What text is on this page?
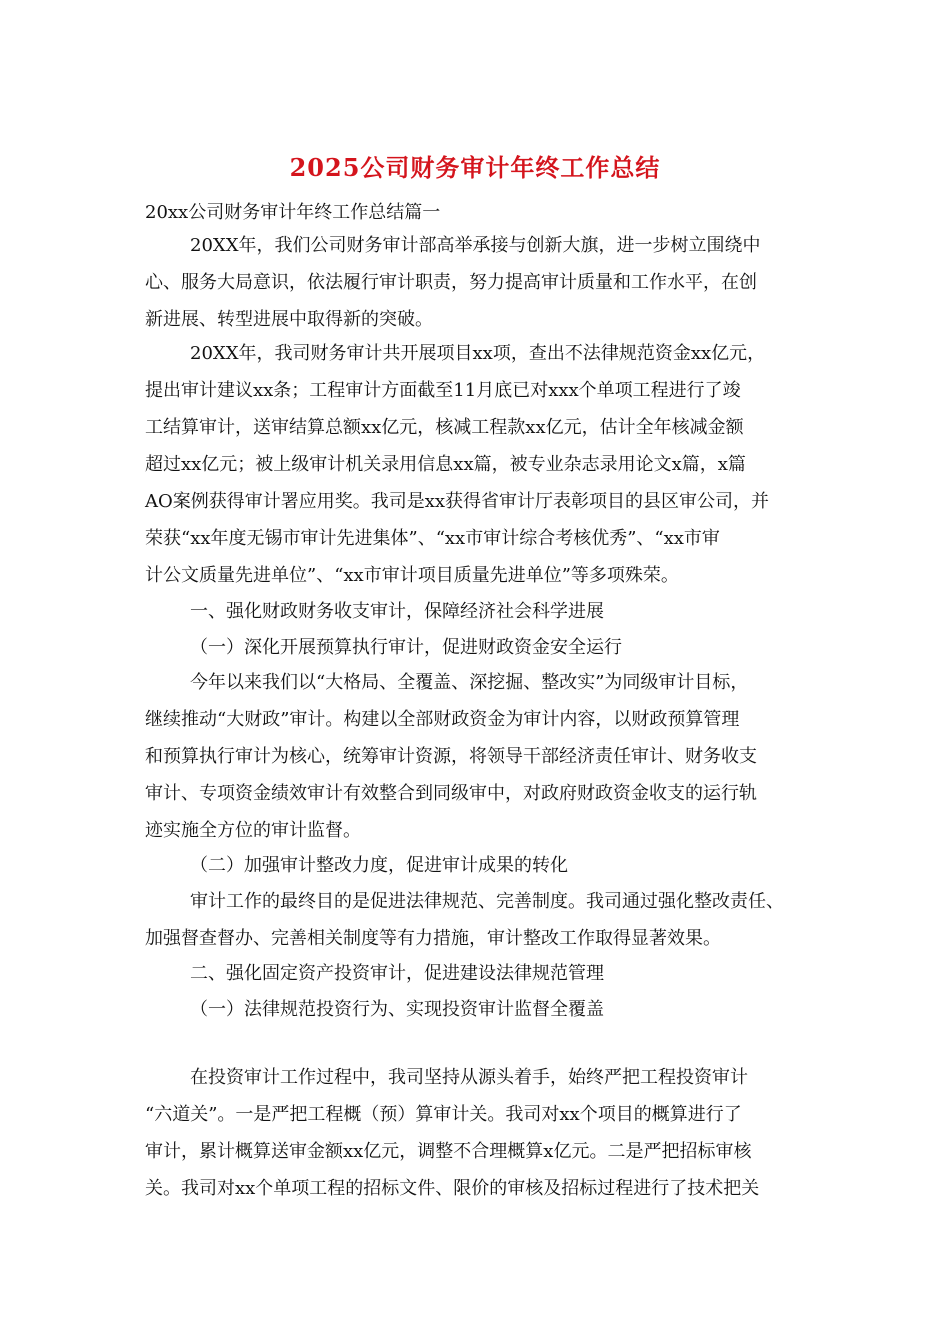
2025公司财务审计年终工作总结
20xx公司财务审计年终工作总结篇一
20XX年，我们公司财务审计部高举承接与创新大旗，进一步树立围绕中
心、服务大局意识，依法履行审计职责，努力提高审计质量和工作水平，在创
新进展、转型进展中取得新的突破。
20XX年，我司财务审计共开展项目xx项，查出不法律规范资金xx亿元，
提出审计建议xx条；工程审计方面截至11月底已对xxx个单项工程进行了竣
工结算审计，送审结算总额xx亿元，核减工程款xx亿元，估计全年核减金额
超过xx亿元；被上级审计机关录用信息xx篇，被专业杂志录用论文x篇，x篇
AO案例获得审计署应用奖。我司是xx获得省审计厅表彰项目的县区审公司，并
荣获“xx年度无锡市审计先进集体”、“xx市审计综合考核优秀”、“xx市审
计公文质量先进单位”、“xx市审计项目质量先进单位”等多项殊荣。
一、强化财政财务收支审计，保障经济社会科学进展
（一）深化开展预算执行审计，促进财政资金安全运行
今年以来我们以“大格局、全覆盖、深挖掘、整改实”为同级审计目标，
继续推动“大财政”审计。构建以全部财政资金为审计内容，以财政预算管理
和预算执行审计为核心，统筹审计资源，将领导干部经济责任审计、财务收支
审计、专项资金绩效审计有效整合到同级审中，对政府财政资金收支的运行轨
迹实施全方位的审计监督。
（二）加强审计整改力度，促进审计成果的转化
审计工作的最终目的是促进法律规范、完善制度。我司通过强化整改责任、
加强督查督办、完善相关制度等有力措施，审计整改工作取得显著效果。
二、强化固定资产投资审计，促进建设法律规范管理
（一）法律规范投资行为、实现投资审计监督全覆盖
在投资审计工作过程中，我司坚持从源头着手，始终严把工程投资审计
“六道关”。一是严把工程概（预）算审计关。我司对xx个项目的概算进行了
审计，累计概算送审金额xx亿元，调整不合理概算x亿元。二是严把招标审核
关。我司对xx个单项工程的招标文件、限价的审核及招标过程进行了技术把关
